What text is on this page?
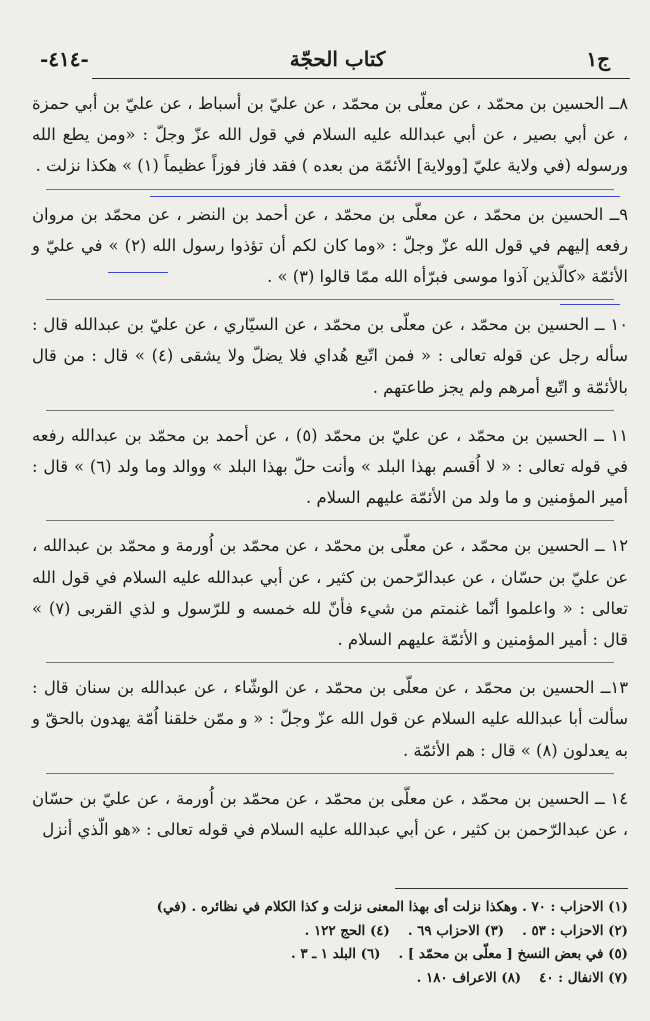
-٤١٤-	كتاب الحجّة	ج١

٨ــ الحسين بن محمّد ، عن معلّى بن محمّد ، عن عليّ بن أسباط ، عن عليّ بن أبي حمزة ، عن أبي بصير ، عن أبي عبدالله عليه السلام في قول الله عزّ وجلّ : «ومن يطع الله ورسوله (في ولاية عليّ [وولاية] الأئمّة من بعده ) فقد فاز فوزاً عظيماً (١) » هكذا نزلت .

٩ــ الحسين بن محمّد ، عن معلّى بن محمّد ، عن أحمد بن النضر ، عن محمّد بن مروان رفعه إليهم في قول الله عزّ وجلّ : «وما كان لكم أن تؤذوا رسول الله (٢) » في عليّ و الأئمّة «كالّذين آذوا موسى فبرّأه الله ممّا قالوا (٣) » .

١٠ ــ الحسين بن محمّد ، عن معلّى بن محمّد ، عن السيّاري ، عن عليّ بن عبدالله قال : سأله رجل عن قوله تعالى : « فمن اتّبع هُداي فلا يضلّ ولا يشقى (٤) » قال : من قال بالأئمّة و اتّبع أمرهم ولم يجز طاعتهم .

١١ ــ الحسين بن محمّد ، عن عليّ بن محمّد (٥) ، عن أحمد بن محمّد بن عبدالله رفعه في قوله تعالى : « لا اُقسم بهذا البلد » وأنت حلّ بهذا البلد » ووالد وما ولد (٦) » قال : أمير المؤمنين و ما ولد من الأئمّة عليهم السلام .

١٢ ــ الحسين بن محمّد ، عن معلّى بن محمّد ، عن محمّد بن اُورمة و محمّد بن عبدالله ، عن عليّ بن حسّان ، عن عبدالرّحمن بن كثير ، عن أبي عبدالله عليه السلام في قول الله تعالى : « واعلموا أنّما غنمتم من شيء فأنّ لله خمسه و للرّسول و لذي القربى (٧) » قال : أمير المؤمنين و الأئمّة عليهم السلام .

١٣ــ الحسين بن محمّد ، عن معلّى بن محمّد ، عن الوشّاء ، عن عبدالله بن سنان قال : سألت أبا عبدالله عليه السلام عن قول الله عزّ وجلّ : « و ممّن خلقنا اُمّة يهدون بالحقّ و به يعدلون (٨) » قال : هم الأئمّة .

١٤ ــ الحسين بن محمّد ، عن معلّى بن محمّد ، عن محمّد بن اُورمة ، عن عليّ بن حسّان ، عن عبدالرّحمن بن كثير ، عن أبي عبدالله عليه السلام في قوله تعالى : «هو الّذي أنزل

(١) الاحزاب : ٧٠ . وهكذا نزلت أى بهذا المعنى نزلت و كذا الكلام في نظائره . (في)
(٢) الاحزاب : ٥٣ .
(٣) الاحزاب ٦٩ .
(٤) الحج ١٢٢ .
(٥) في بعض النسخ [ معلّى بن محمّد ] .
(٦) البلد ١ ـ ٣ .
(٧) الانفال : ٤٠
(٨) الاعراف ١٨٠ .
